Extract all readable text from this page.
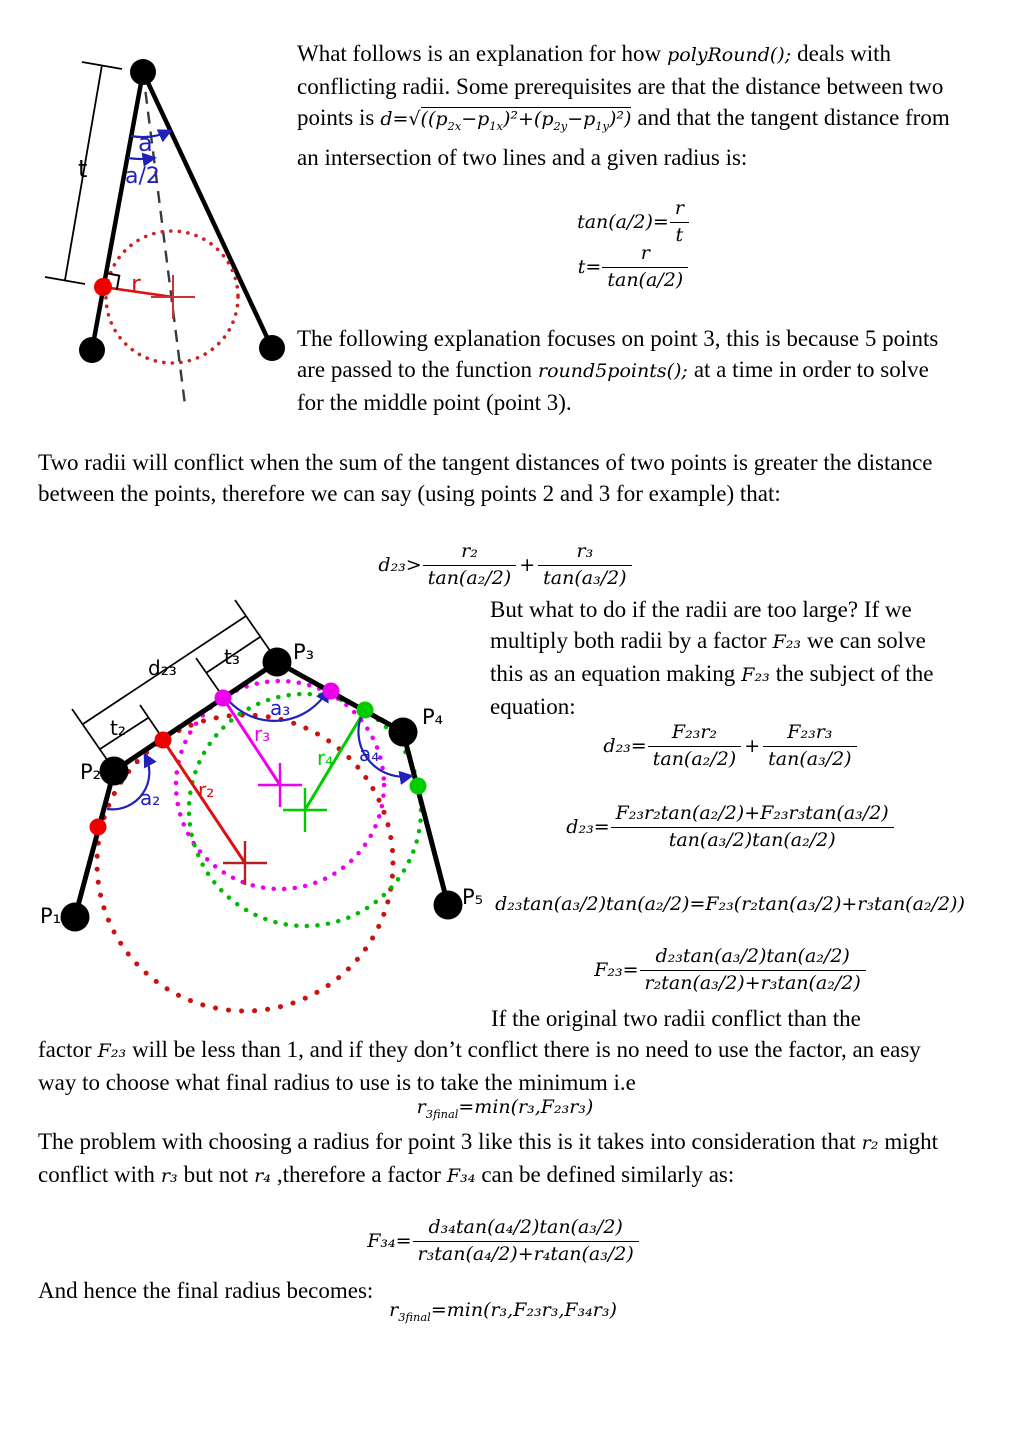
t
a
a/2
r
What follows is an explanation for how polyRound(); deals with conflicting radii. Some prerequisites are that the distance between two points is $d=√((p_{2x}-p_{1x})^2+(p_{2y}-p_{1y})^2)$ and that the tangent distance from an intersection of two lines and a given radius is:
$\tan(a/2)= \frac{r}{t}$
$t= \frac{r}{\tan(a/2)}$
The following explanation focuses on point 3, this is because 5 points are passed to the function round5points(); at a time in order to solve for the middle point (point 3).
Two radii will conflict when the sum of the tangent distances of two points is greater the distance between the points, therefore we can say (using points 2 and 3 for example) that:
$d_{23}> \frac{\text{r₂}}{\text{tan(a₂/2)}} + \frac{\text{r₃}}{\text{tan(a₃/2)}}$
P₁
P₂
P₃
P₄
P₅
d₂₃
t₂
t₃
a₂
a₃
a₄
r₂
r₃
r₄
But what to do if the radii are too large? If we multiply both radii by a factor F₂₃ we can solve this as an equation making F₂₃ the subject of the equation:
$d_{23}= \frac{\text{F₂₃r₂}}{\text{tan(a₂/2)}} + \frac{\text{F₂₃r₃}}{\text{tan(a₃/2)}}$
$d_{23}= \frac{\text{F₂₃r₂tan(a₂/2)+F₂₃r₃tan(a₃/2)}}{\text{tan(a₃/2)tan(a₂/2)}}$
d₂₃tan(a₃/2)tan(a₂/2)=F₂₃(r₂tan(a₃/2)+r₃tan(a₂/2))
$F_{23}= \frac{\text{d₂₃tan(a₃/2)tan(a₂/2)}}{\text{r₂tan(a₃/2)+r₃tan(a₂/2)}}$
If the original two radii conflict than the
factor F₂₃ will be less than 1, and if they don’t conflict there is no need to use the factor, an easy way to choose what final radius to use is to take the minimum i.e
$r_{3final}=\min(r_3,F_{23}r_3)$
The problem with choosing a radius for point 3 like this is it takes into consideration that r₂ might conflict with r₃ but not r₄ ,therefore a factor F₃₄ can be defined similarly as:
$F_{34}= \frac{\text{d₃₄tan(a₄/2)tan(a₃/2)}}{\text{r₃tan(a₄/2)+r₄tan(a₃/2)}}$
And hence the final radius becomes:
$r_{3final}=\min(r_3,F_{23}r_3,F_{34}r_3)$
